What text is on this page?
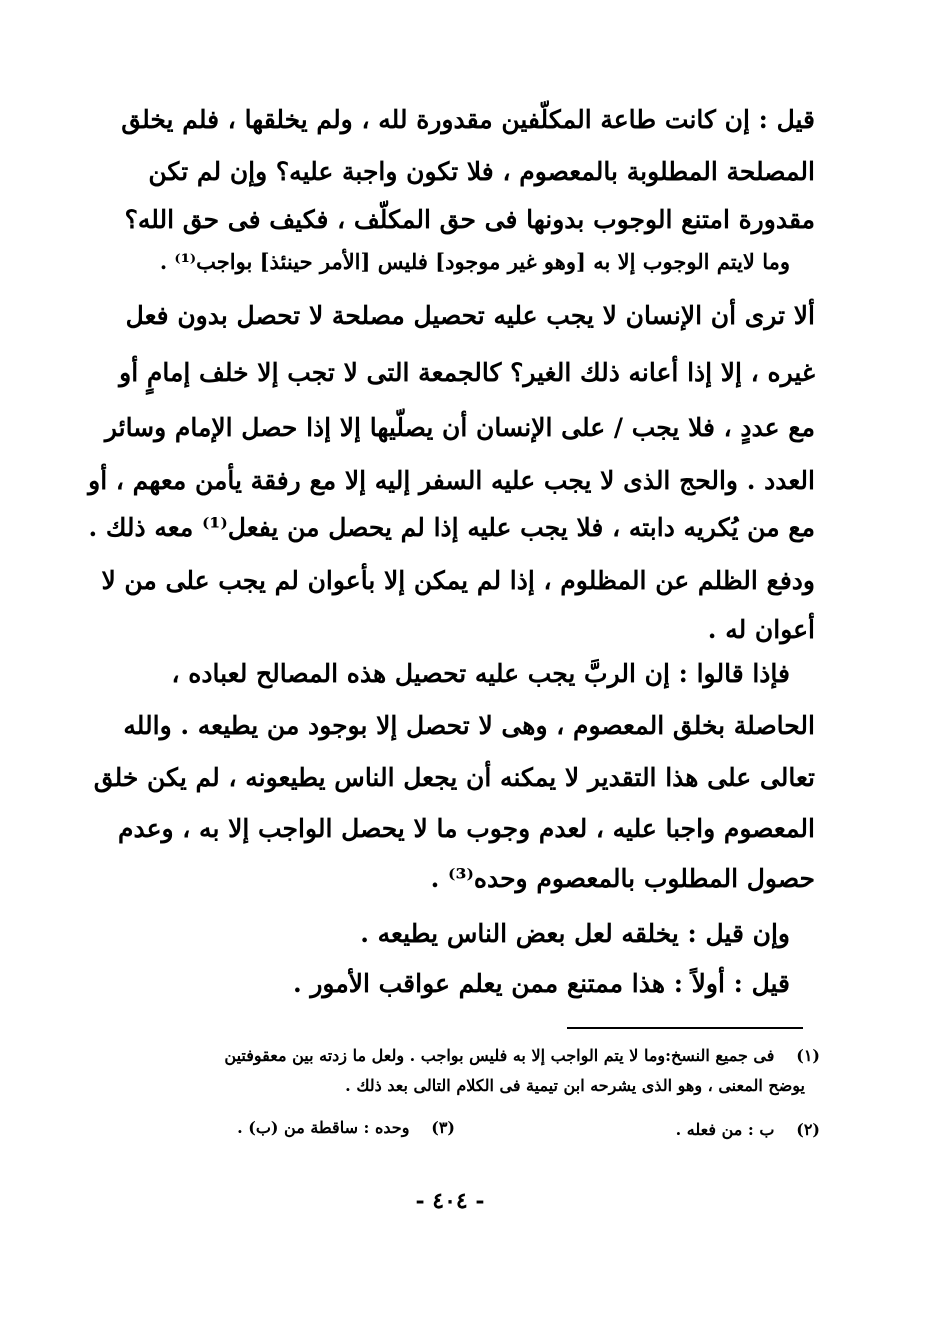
قيل : إن كانت طاعة المكلّفين مقدورة لله ، ولم يخلقها ، فلم يخلق
المصلحة المطلوبة بالمعصوم ، فلا تكون واجبة عليه؟ وإن لم تكن
مقدورة امتنع الوجوب بدونها فى حق المكلّف ، فكيف فى حق الله؟
وما لايتم الوجوب إلا به [وهو غير موجود] فليس [الأمر حينئذ] بواجب⁽¹⁾ .
ألا ترى أن الإنسان لا يجب عليه تحصيل مصلحة لا تحصل بدون فعل
غيره ، إلا إذا أعانه ذلك الغير؟ كالجمعة التى لا تجب إلا خلف إمامٍ أو
مع عددٍ ، فلا يجب / على الإنسان أن يصلّيها إلا إذا حصل الإمام وسائر
العدد . والحج الذى لا يجب عليه السفر إليه إلا مع رفقة يأمن معهم ، أو
مع من يُكريه دابته ، فلا يجب عليه إذا لم يحصل من يفعل⁽¹⁾ معه ذلك .
ودفع الظلم عن المظلوم ، إذا لم يمكن إلا بأعوان لم يجب على من لا
أعوان له .
فإذا قالوا : إن الربَّ يجب عليه تحصيل هذه المصالح لعباده ،
الحاصلة بخلق المعصوم ، وهى لا تحصل إلا بوجود من يطيعه . والله
تعالى على هذا التقدير لا يمكنه أن يجعل الناس يطيعونه ، لم يكن خلق
المعصوم واجبا عليه ، لعدم وجوب ما لا يحصل الواجب إلا به ، وعدم
حصول المطلوب بالمعصوم وحده⁽³⁾ .
وإن قيل : يخلقه لعل بعض الناس يطيعه .
قيل : أولاً : هذا ممتنع ممن يعلم عواقب الأمور .
(١) فى جميع النسخ:وما لا يتم الواجب إلا به فليس بواجب . ولعل ما زدته بين معقوفتين
يوضح المعنى ، وهو الذى يشرحه ابن تيمية فى الكلام التالى بعد ذلك .
(٢) ب : من فعله .
(٣) وحده : ساقطة من (ب) .
- ٤٠٤ -
